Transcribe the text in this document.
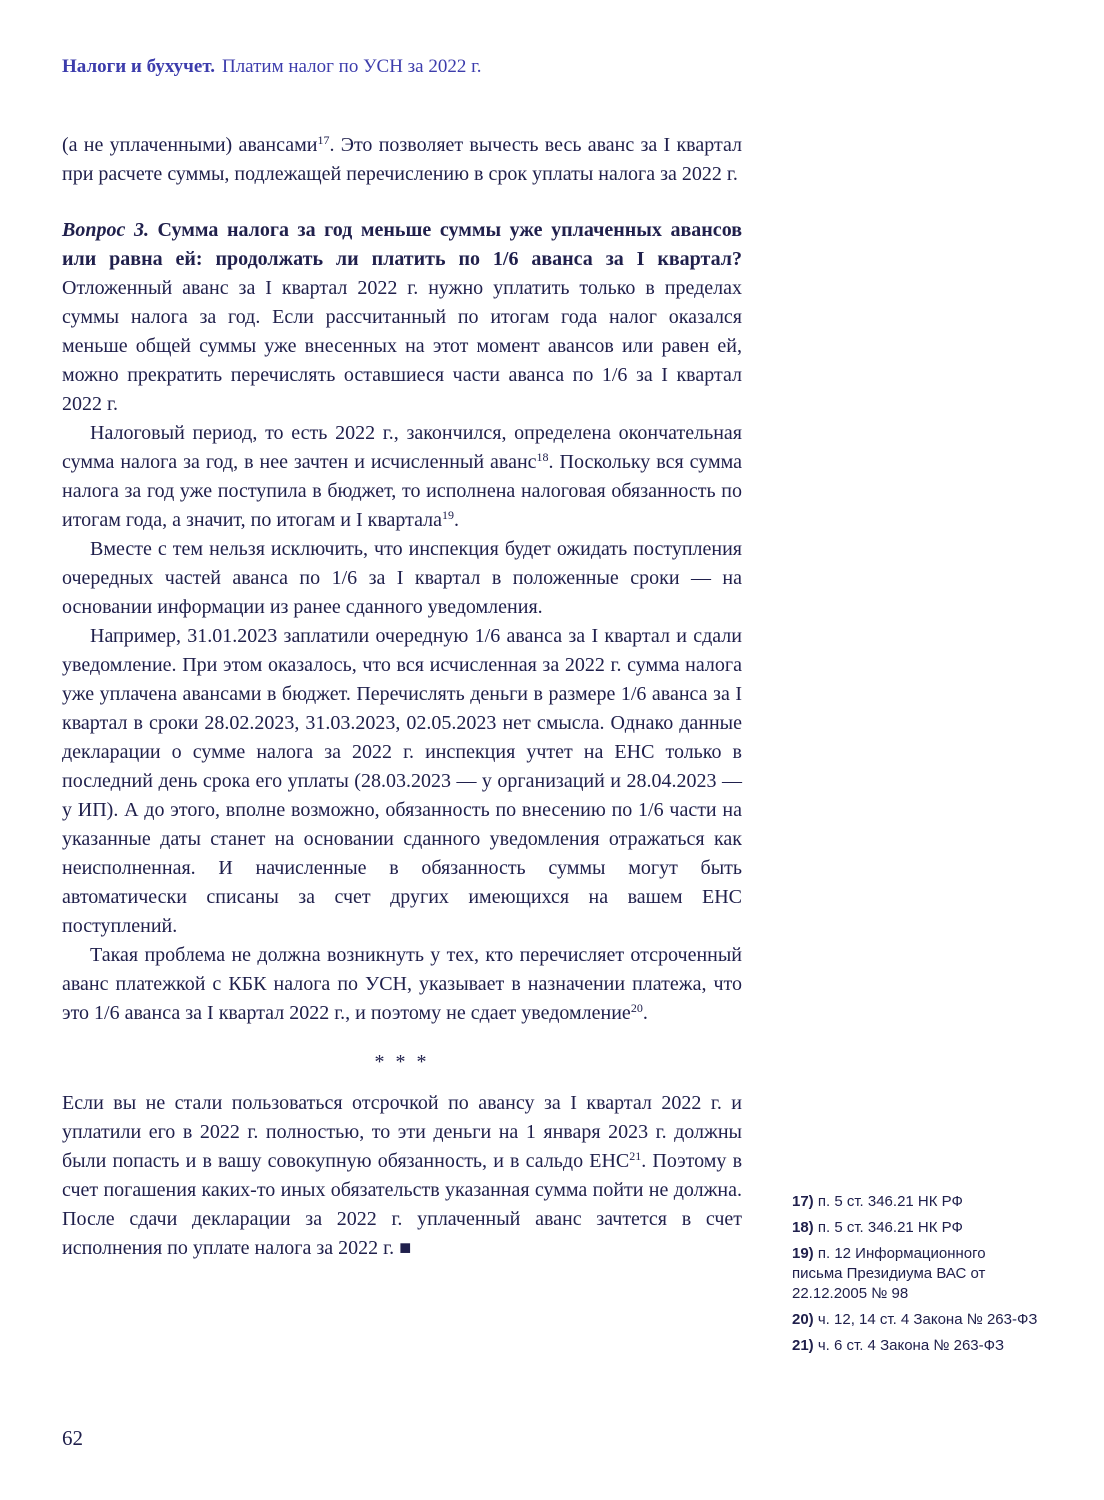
Налоги и бухучет. Платим налог по УСН за 2022 г.

(а не уплаченными) авансами$^{17}$. Это позволяет вычесть весь аванс за I квартал при расчете суммы, подлежащей перечислению в срок уплаты налога за 2022 г.

Вопрос 3. Сумма налога за год меньше суммы уже уплаченных авансов или равна ей: продолжать ли платить по 1/6 аванса за I квартал? Отложенный аванс за I квартал 2022 г. нужно уплатить только в пределах суммы налога за год. Если рассчитанный по итогам года налог оказался меньше общей суммы уже внесенных на этот момент авансов или равен ей, можно прекратить перечислять оставшиеся части аванса по 1/6 за I квартал 2022 г.

Налоговый период, то есть 2022 г., закончился, определена окончательная сумма налога за год, в нее зачтен и исчисленный аванс$^{18}$. Поскольку вся сумма налога за год уже поступила в бюджет, то исполнена налоговая обязанность по итогам года, а значит, по итогам и I квартала$^{19}$.

Вместе с тем нельзя исключить, что инспекция будет ожидать поступления очередных частей аванса по 1/6 за I квартал в положенные сроки — на основании информации из ранее сданного уведомления.

Например, 31.01.2023 заплатили очередную 1/6 аванса за I квартал и сдали уведомление. При этом оказалось, что вся исчисленная за 2022 г. сумма налога уже уплачена авансами в бюджет. Перечислять деньги в размере 1/6 аванса за I квартал в сроки 28.02.2023, 31.03.2023, 02.05.2023 нет смысла. Однако данные декларации о сумме налога за 2022 г. инспекция учтет на ЕНС только в последний день срока его уплаты (28.03.2023 — у организаций и 28.04.2023 — у ИП). А до этого, вполне возможно, обязанность по внесению по 1/6 части на указанные даты станет на основании сданного уведомления отражаться как неисполненная. И начисленные в обязанность суммы могут быть автоматически списаны за счет других имеющихся на вашем ЕНС поступлений.

Такая проблема не должна возникнуть у тех, кто перечисляет отсроченный аванс платежкой с КБК налога по УСН, указывает в назначении платежа, что это 1/6 аванса за I квартал 2022 г., и поэтому не сдает уведомление$^{20}$.

* * *

Если вы не стали пользоваться отсрочкой по авансу за I квартал 2022 г. и уплатили его в 2022 г. полностью, то эти деньги на 1 января 2023 г. должны были попасть и в вашу совокупную обязанность, и в сальдо ЕНС$^{21}$. Поэтому в счет погашения каких-то иных обязательств указанная сумма пойти не должна. После сдачи декларации за 2022 г. уплаченный аванс зачтется в счет исполнения по уплате налога за 2022 г. ■

17) п. 5 ст. 346.21 НК РФ
18) п. 5 ст. 346.21 НК РФ
19) п. 12 Информационного письма Президиума ВАС от 22.12.2005 № 98
20) ч. 12, 14 ст. 4 Закона № 263-ФЗ
21) ч. 6 ст. 4 Закона № 263-ФЗ
62
